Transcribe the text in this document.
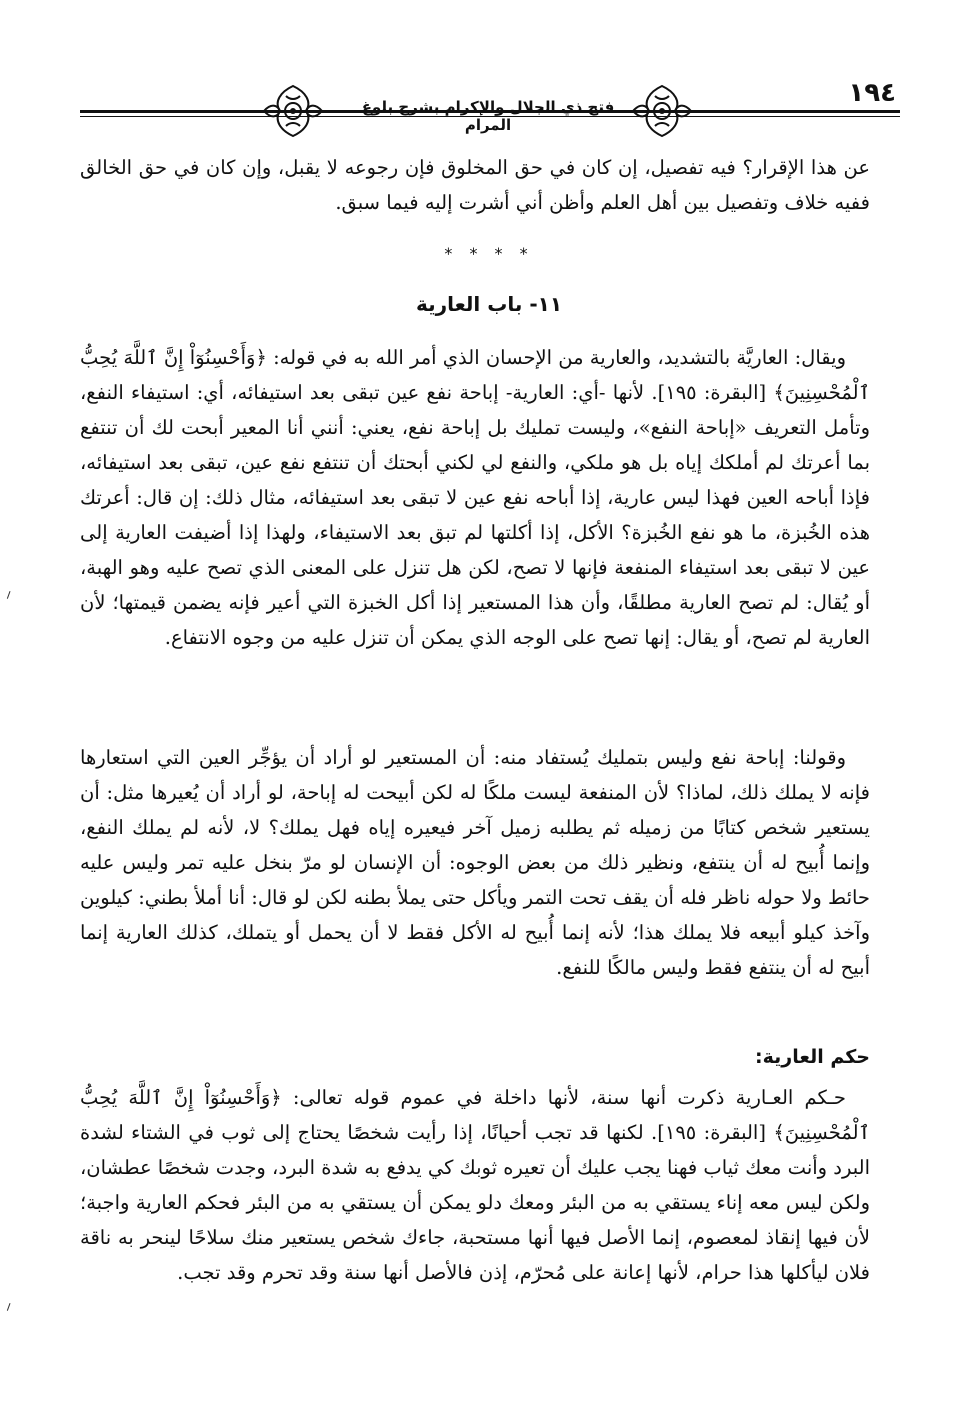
فتح ذي الجلال والإكرام بشرح بلوغ المرام
١٩٤

عن هذا الإقرار؟ فيه تفصيل، إن كان في حق المخلوق فإن رجوعه لا يقبل، وإن كان في حق الخالق ففيه خلاف وتفصيل بين أهل العلم وأظن أني أشرت إليه فيما سبق.

* * * *
١١- باب العارية

ويقال: العاريَّة بالتشديد، والعارية من الإحسان الذي أمر الله به في قوله: ﴿وَأَحْسِنُوٓاْ إِنَّ ٱللَّهَ يُحِبُّ ٱلْمُحْسِنِينَ﴾ [البقرة: ١٩٥]. لأنها -أي: العارية- إباحة نفع عين تبقى بعد استيفائه، أي: استيفاء النفع، وتأمل التعريف «إباحة النفع»، وليست تمليك بل إباحة نفع، يعني: أنني أنا المعير أبحت لك أن تنتفع بما أعرتك لم أملكك إياه بل هو ملكي، والنفع لي لكني أبحتك أن تنتفع نفع عين، تبقى بعد استيفائه، فإذا أباحه العين فهذا ليس عارية، إذا أباحه نفع عين لا تبقى بعد استيفائه، مثال ذلك: إن قال: أعرتك هذه الخُبزة، ما هو نفع الخُبزة؟ الأكل، إذا أكلتها لم تبق بعد الاستيفاء، ولهذا إذا أضيفت العارية إلى عين لا تبقى بعد استيفاء المنفعة فإنها لا تصح، لكن هل تنزل على المعنى الذي تصح عليه وهو الهبة، أو يُقال: لم تصح العارية مطلقًا، وأن هذا المستعير إذا أكل الخبزة التي أعير فإنه يضمن قيمتها؛ لأن العارية لم تصح، أو يقال: إنها تصح على الوجه الذي يمكن أن تنزل عليه من وجوه الانتفاع.

وقولنا: إباحة نفع وليس بتمليك يُستفاد منه: أن المستعير لو أراد أن يؤجِّر العين التي استعارها فإنه لا يملك ذلك، لماذا؟ لأن المنفعة ليست ملكًا له لكن أبيحت له إباحة، لو أراد أن يُعيرها مثل: أن يستعير شخص كتابًا من زميله ثم يطلبه زميل آخر فيعيره إياه فهل يملك؟ لا، لأنه لم يملك النفع، وإنما أُبيح له أن ينتفع، ونظير ذلك من بعض الوجوه: أن الإنسان لو مرّ بنخل عليه تمر وليس عليه حائط ولا حوله ناظر فله أن يقف تحت التمر ويأكل حتى يملأ بطنه لكن لو قال: أنا أملأ بطني: كيلوين وآخذ كيلو أبيعه فلا يملك هذا؛ لأنه إنما أُبيح له الأكل فقط لا أن يحمل أو يتملك، كذلك العارية إنما أبيح له أن ينتفع فقط وليس مالكًا للنفع.

حكم العارية:

حـكم العـارية ذكرت أنها سنة، لأنها داخلة في عموم قوله تعالى: ﴿وَأَحْسِنُوٓاْ إِنَّ ٱللَّهَ يُحِبُّ ٱلْمُحْسِنِينَ﴾ [البقرة: ١٩٥]. لكنها قد تجب أحيانًا، إذا رأيت شخصًا يحتاج إلى ثوب في الشتاء لشدة البرد وأنت معك ثياب فهنا يجب عليك أن تعيره ثوبك كي يدفع به شدة البرد، وجدت شخصًا عطشان، ولكن ليس معه إناء يستقي به من البئر ومعك دلو يمكن أن يستقي به من البئر فحكم العارية واجبة؛ لأن فيها إنقاذ لمعصوم، إنما الأصل فيها أنها مستحبة، جاءك شخص يستعير منك سلاحًا لينحر به ناقة فلان ليأكلها هذا حرام، لأنها إعانة على مُحرّم، إذن فالأصل أنها سنة وقد تحرم وقد تجب.
